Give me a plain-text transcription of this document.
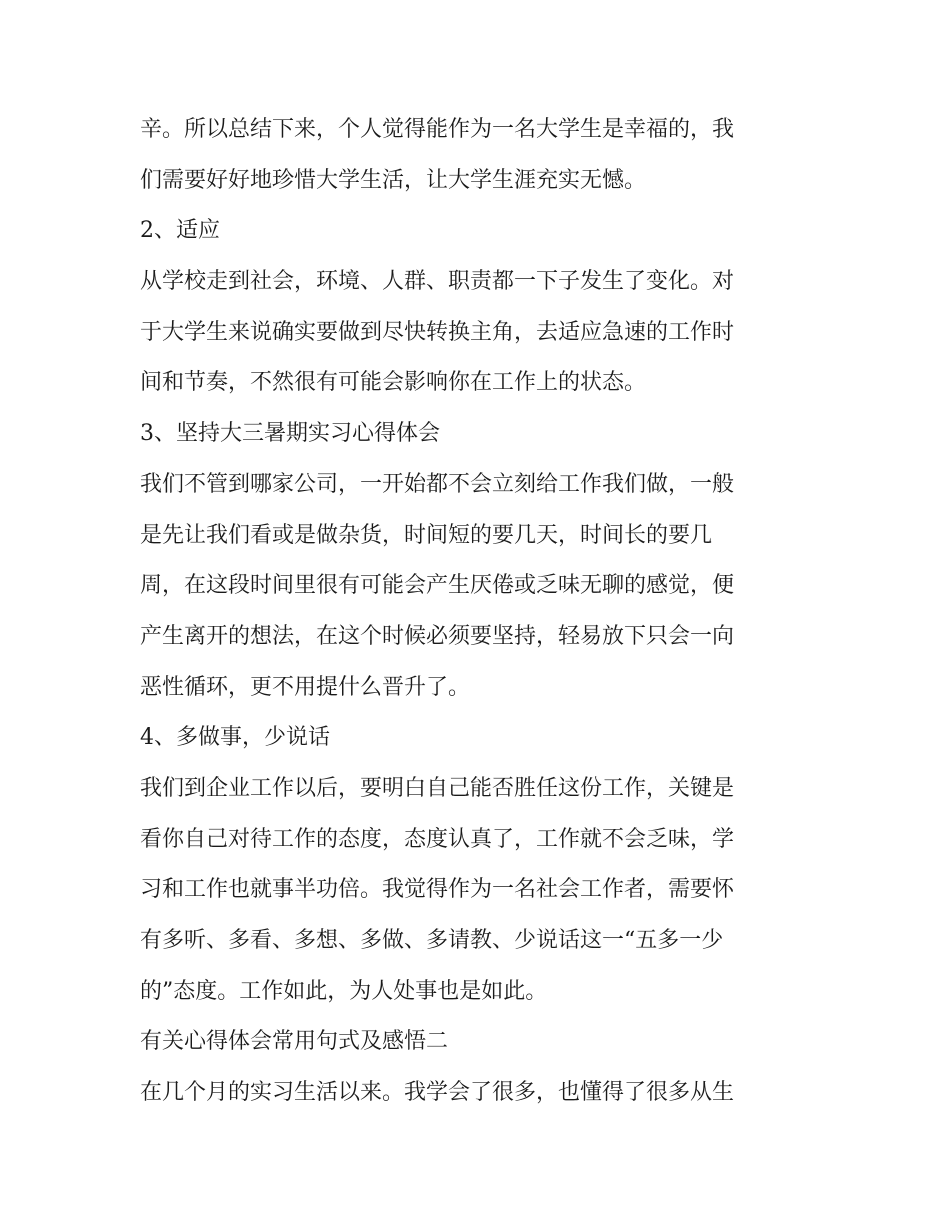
辛。所以总结下来，个人觉得能作为一名大学生是幸福的，我
们需要好好地珍惜大学生活，让大学生涯充实无憾。
2、适应
从学校走到社会，环境、人群、职责都一下子发生了变化。对
于大学生来说确实要做到尽快转换主角，去适应急速的工作时
间和节奏，不然很有可能会影响你在工作上的状态。
3、坚持大三暑期实习心得体会
我们不管到哪家公司，一开始都不会立刻给工作我们做，一般
是先让我们看或是做杂货，时间短的要几天，时间长的要几
周，在这段时间里很有可能会产生厌倦或乏味无聊的感觉，便
产生离开的想法，在这个时候必须要坚持，轻易放下只会一向
恶性循环，更不用提什么晋升了。
4、多做事，少说话
我们到企业工作以后，要明白自己能否胜任这份工作，关键是
看你自己对待工作的态度，态度认真了，工作就不会乏味，学
习和工作也就事半功倍。我觉得作为一名社会工作者，需要怀
有多听、多看、多想、多做、多请教、少说话这一“五多一少
的”态度。工作如此，为人处事也是如此。
有关心得体会常用句式及感悟二
在几个月的实习生活以来。我学会了很多，也懂得了很多从生
